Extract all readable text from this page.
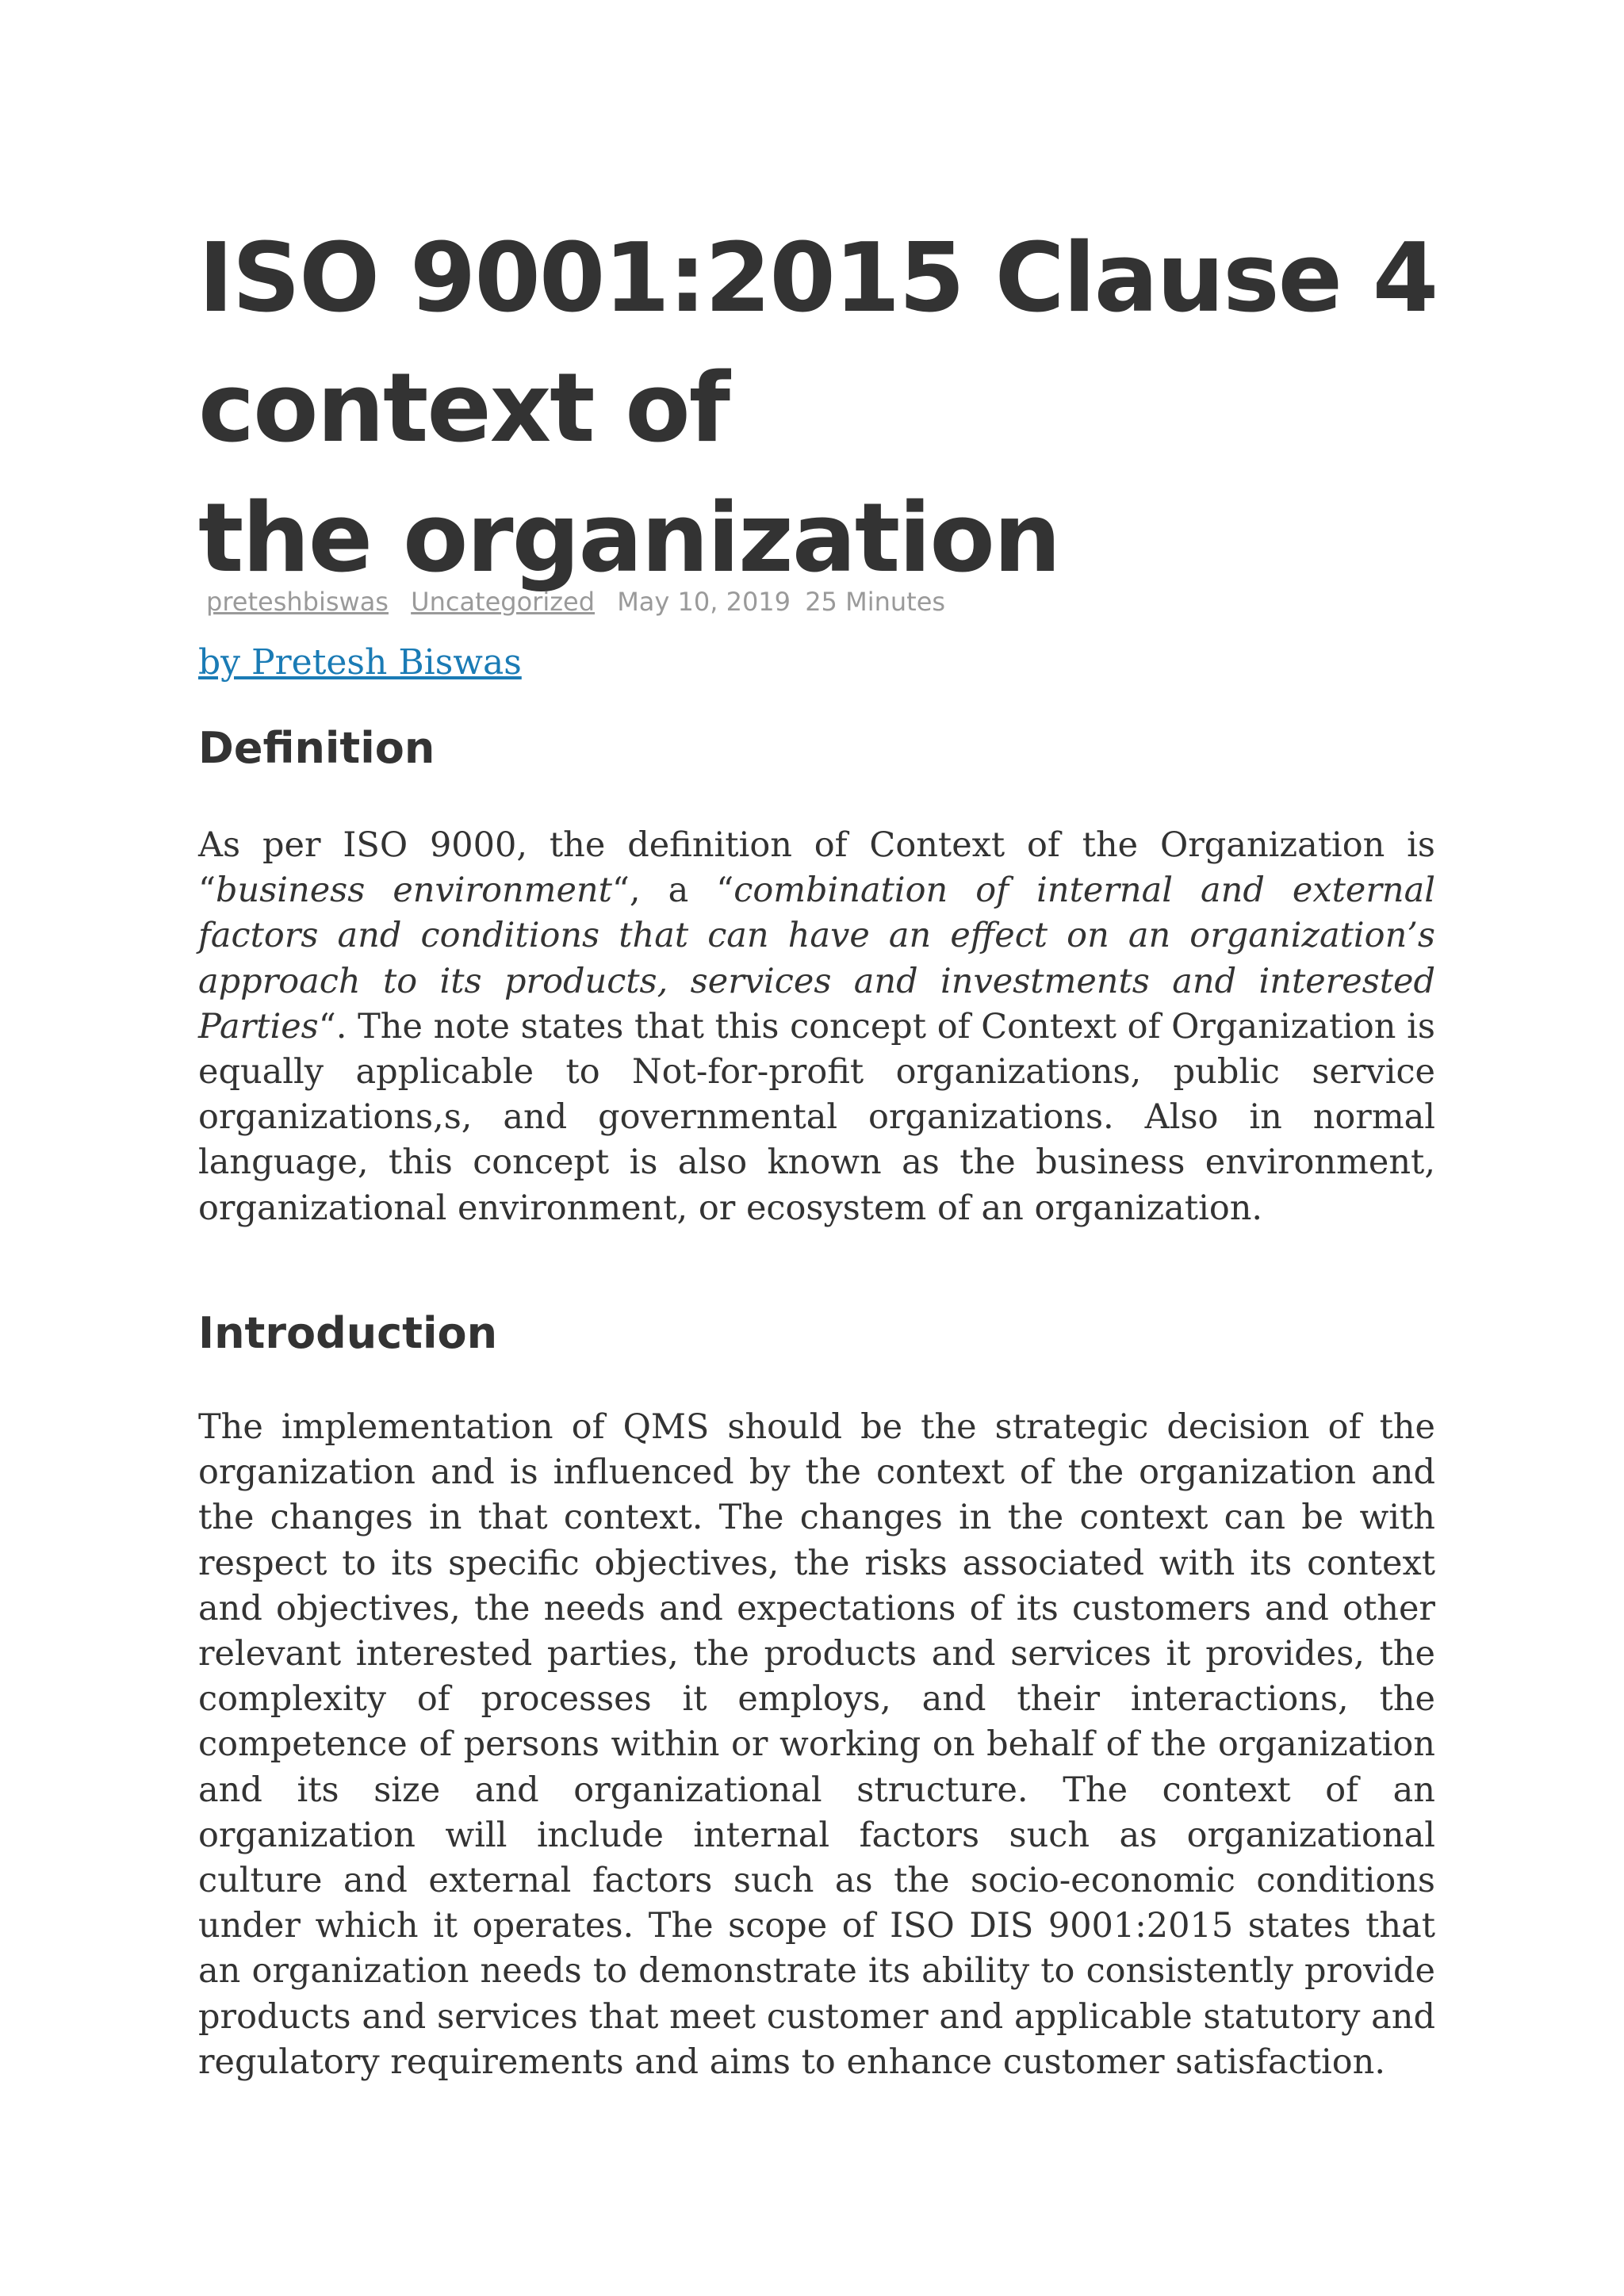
ISO 9001:2015 Clause 4
context of
the organization
preteshbiswas Uncategorized May 10, 2019 25 Minutes
by Pretesh Biswas
Definition

As per ISO 9000, the definition of Context of the Organization is “business environment“, a “combination of internal and external factors and conditions that can have an effect on an organization’s approach to its products, services and investments and interested Parties“. The note states that this concept of Context of Organization is equally applicable to Not-for-profit organizations, public service organizations,s, and governmental organizations. Also in normal language, this concept is also known as the business environment, organizational environment, or ecosystem of an organization.

Introduction

The implementation of QMS should be the strategic decision of the organization and is influenced by the context of the organization and the changes in that context. The changes in the context can be with respect to its specific objectives, the risks associated with its context and objectives, the needs and expectations of its customers and other relevant interested parties, the products and services it provides, the complexity of processes it employs, and their interactions, the competence of persons within or working on behalf of the organization and its size and organizational structure. The context of an organization will include internal factors such as organizational culture and external factors such as the socio-economic conditions under which it operates. The scope of ISO DIS 9001:2015 states that an organization needs to demonstrate its ability to consistently provide products and services that meet customer and applicable statutory and regulatory requirements and aims to enhance customer satisfaction.
